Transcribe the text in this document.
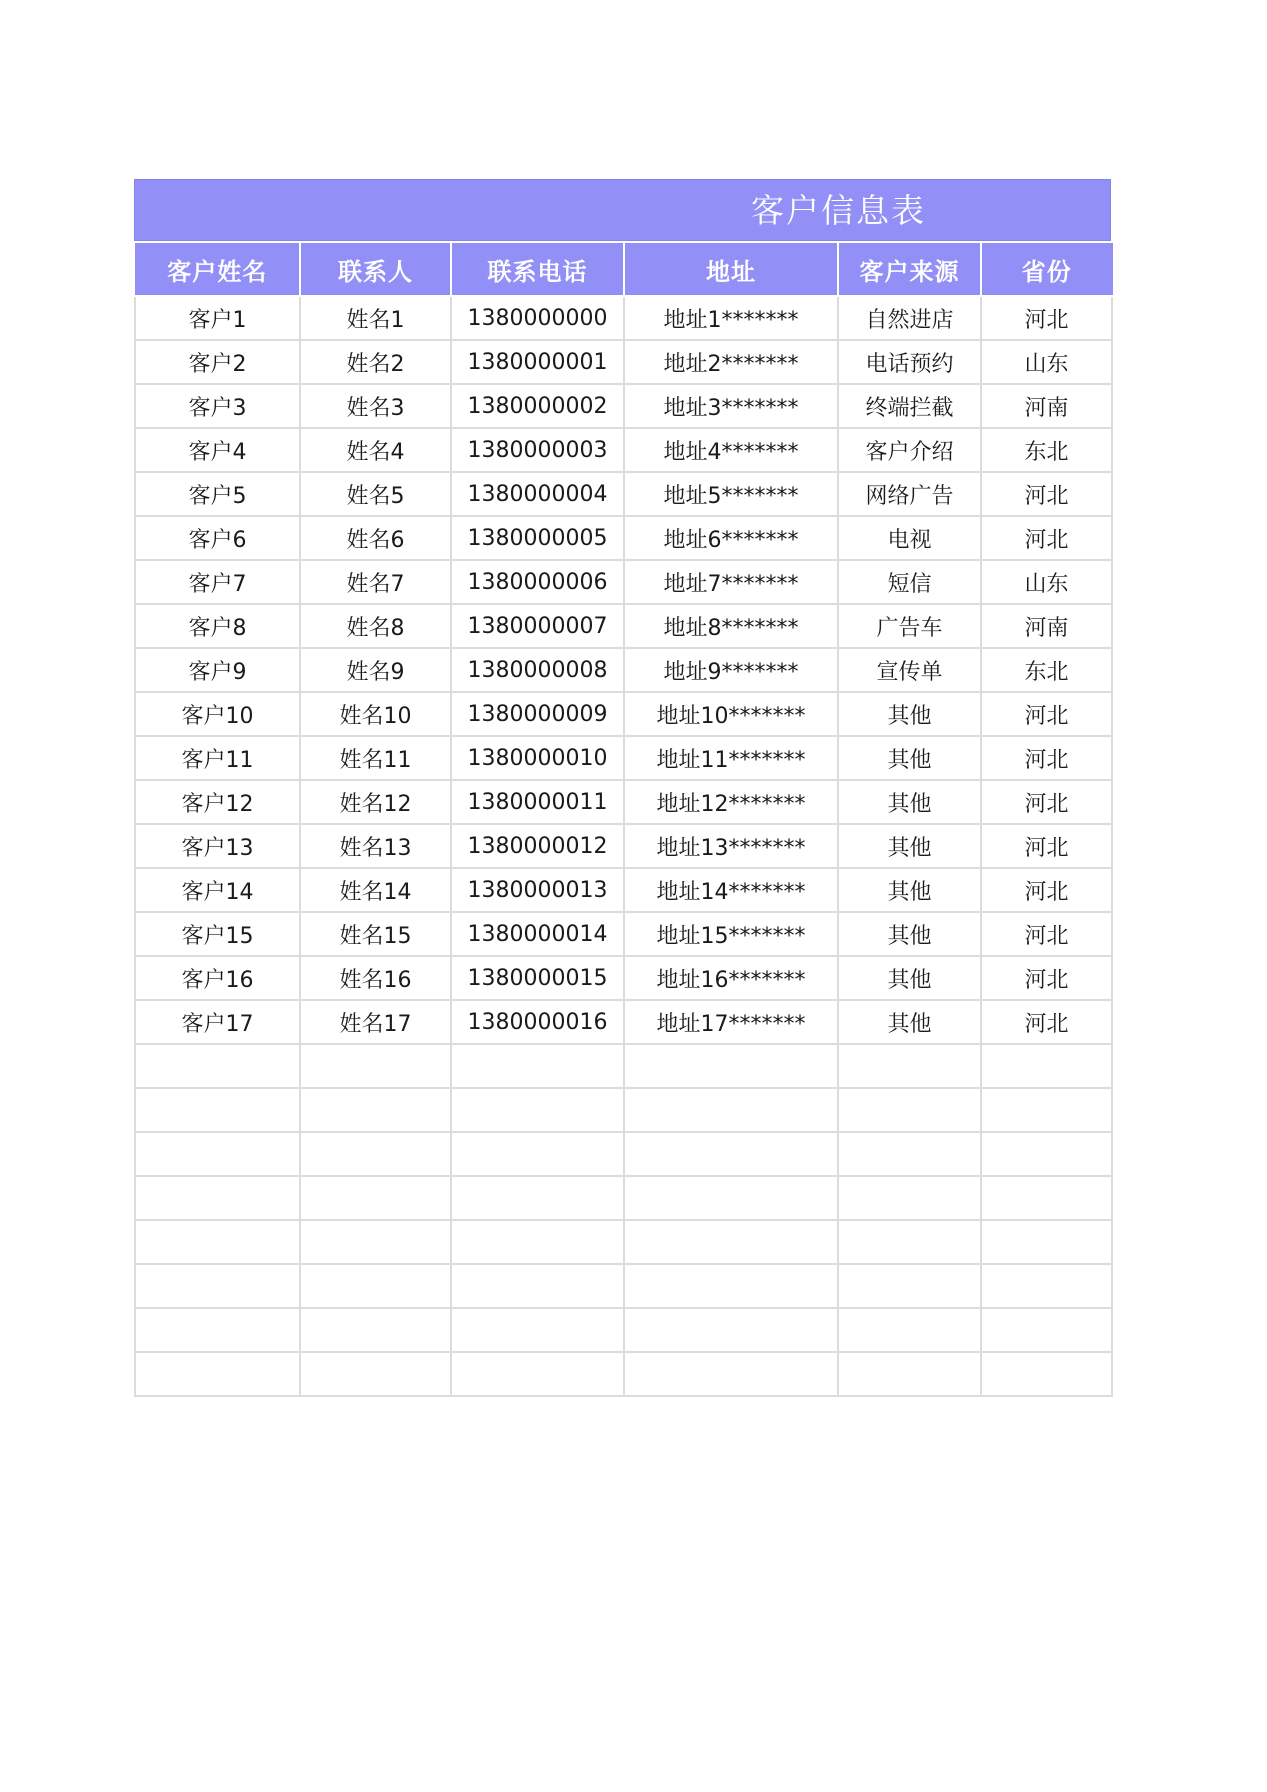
客户信息表
客户姓名	联系人	联系电话	地址	客户来源	省份
客户1	姓名1	1380000000	地址1*******	自然进店	河北
客户2	姓名2	1380000001	地址2*******	电话预约	山东
客户3	姓名3	1380000002	地址3*******	终端拦截	河南
客户4	姓名4	1380000003	地址4*******	客户介绍	东北
客户5	姓名5	1380000004	地址5*******	网络广告	河北
客户6	姓名6	1380000005	地址6*******	电视	河北
客户7	姓名7	1380000006	地址7*******	短信	山东
客户8	姓名8	1380000007	地址8*******	广告车	河南
客户9	姓名9	1380000008	地址9*******	宣传单	东北
客户10	姓名10	1380000009	地址10*******	其他	河北
客户11	姓名11	1380000010	地址11*******	其他	河北
客户12	姓名12	1380000011	地址12*******	其他	河北
客户13	姓名13	1380000012	地址13*******	其他	河北
客户14	姓名14	1380000013	地址14*******	其他	河北
客户15	姓名15	1380000014	地址15*******	其他	河北
客户16	姓名16	1380000015	地址16*******	其他	河北
客户17	姓名17	1380000016	地址17*******	其他	河北
